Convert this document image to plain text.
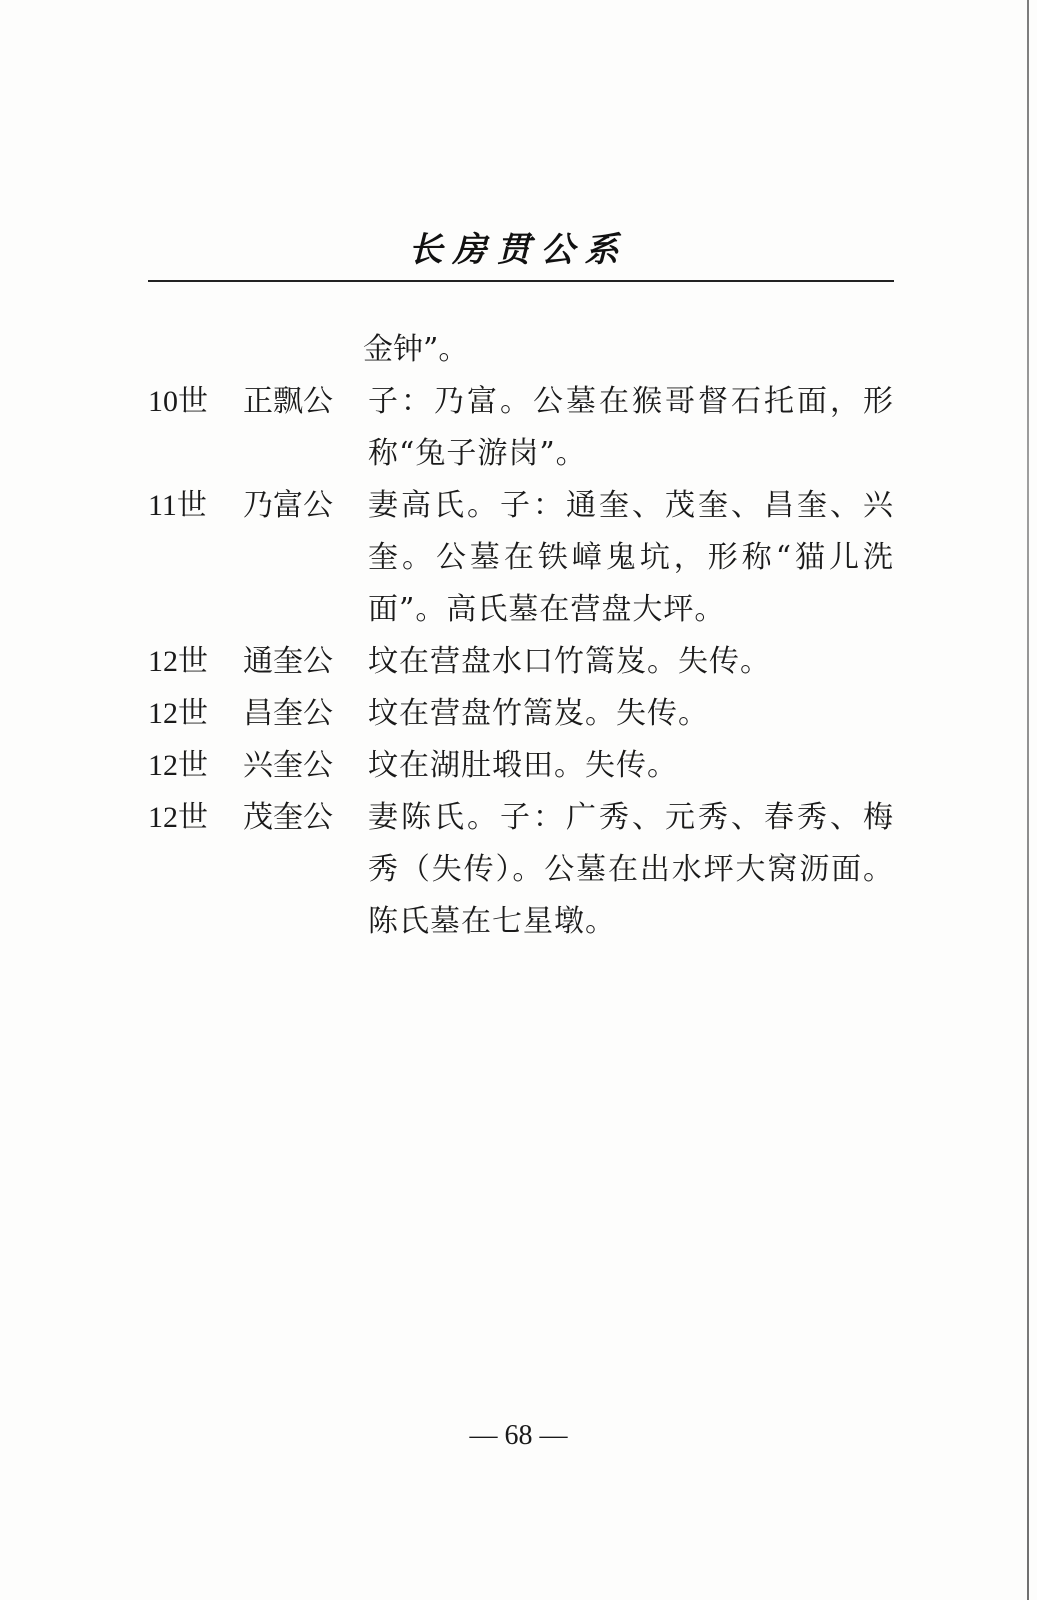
长房贯公系
金钟”。
10世	正飘公	子：乃富。公墓在猴哥督石托面，形称“兔子游岗”。
11世	乃富公	妻高氏。子：通奎、茂奎、昌奎、兴奎。公墓在铁嶂鬼坑，形称“猫儿洗面”。高氏墓在营盘大坪。
12世	通奎公	坟在营盘水口竹篙岌。失传。
12世	昌奎公	坟在营盘竹篙岌。失传。
12世	兴奎公	坟在湖肚塅田。失传。
12世	茂奎公	妻陈氏。子：广秀、元秀、春秀、梅秀（失传）。公墓在出水坪大窝沥面。陈氏墓在七星墩。
— 68 —
